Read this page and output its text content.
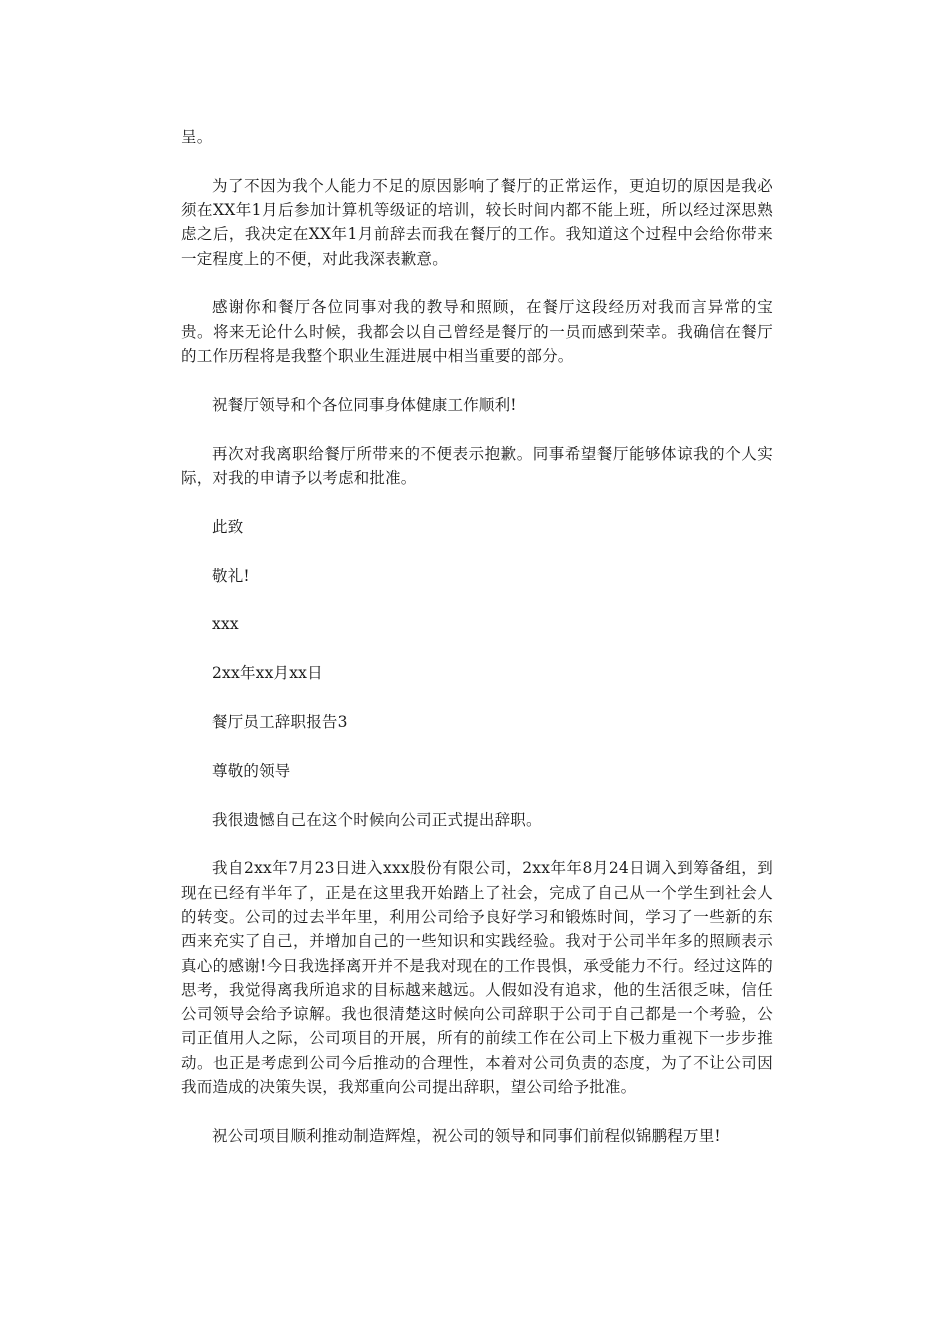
呈。

为了不因为我个人能力不足的原因影响了餐厅的正常运作，更迫切的原因是我必须在XX年1月后参加计算机等级证的培训，较长时间内都不能上班，所以经过深思熟虑之后，我决定在XX年1月前辞去而我在餐厅的工作。我知道这个过程中会给你带来一定程度上的不便，对此我深表歉意。

感谢你和餐厅各位同事对我的教导和照顾，在餐厅这段经历对我而言异常的宝贵。将来无论什么时候，我都会以自己曾经是餐厅的一员而感到荣幸。我确信在餐厅的工作历程将是我整个职业生涯进展中相当重要的部分。

祝餐厅领导和个各位同事身体健康工作顺利!

再次对我离职给餐厅所带来的不便表示抱歉。同事希望餐厅能够体谅我的个人实际，对我的申请予以考虑和批准。

此致

敬礼!

xxx

2xx年xx月xx日

餐厅员工辞职报告3

尊敬的领导

我很遗憾自己在这个时候向公司正式提出辞职。

我自2xx年7月23日进入xxx股份有限公司，2xx年年8月24日调入到筹备组，到现在已经有半年了，正是在这里我开始踏上了社会，完成了自己从一个学生到社会人的转变。公司的过去半年里，利用公司给予良好学习和锻炼时间，学习了一些新的东西来充实了自己，并增加自己的一些知识和实践经验。我对于公司半年多的照顾表示真心的感谢!今日我选择离开并不是我对现在的工作畏惧，承受能力不行。经过这阵的思考，我觉得离我所追求的目标越来越远。人假如没有追求，他的生活很乏味，信任公司领导会给予谅解。我也很清楚这时候向公司辞职于公司于自己都是一个考验，公司正值用人之际，公司项目的开展，所有的前续工作在公司上下极力重视下一步步推动。也正是考虑到公司今后推动的合理性，本着对公司负责的态度，为了不让公司因我而造成的决策失误，我郑重向公司提出辞职，望公司给予批准。

祝公司项目顺利推动制造辉煌，祝公司的领导和同事们前程似锦鹏程万里!
